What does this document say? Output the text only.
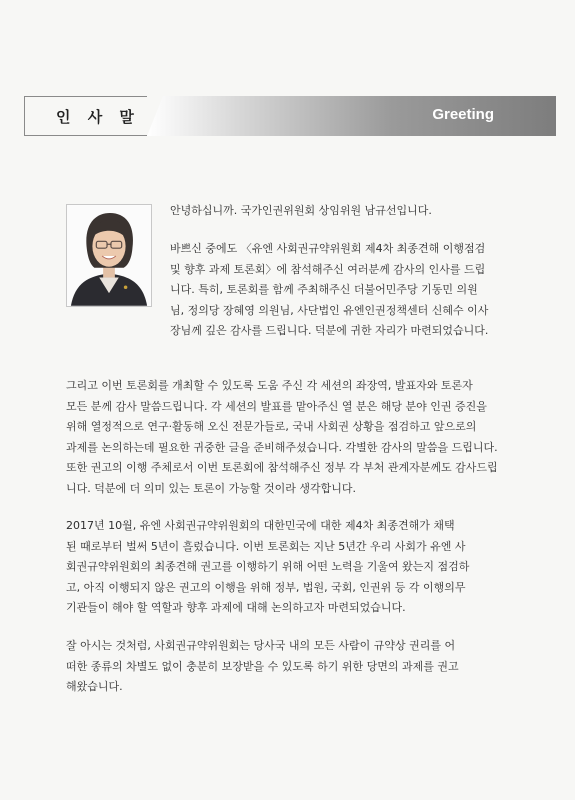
인 사 말	Greeting

안녕하십니까. 국가인권위원회 상임위원 남규선입니다.

바쁘신 중에도 〈유엔 사회권규약위원회 제4차 최종견해 이행점검
및 향후 과제 토론회〉에 참석해주신 여러분께 감사의 인사를 드립
니다. 특히, 토론회를 함께 주최해주신 더불어민주당 기동민 의원
님, 정의당 장혜영 의원님, 사단법인 유엔인권정책센터 신혜수 이사
장님께 깊은 감사를 드립니다. 덕분에 귀한 자리가 마련되었습니다.
그리고 이번 토론회를 개최할 수 있도록 도움 주신 각 세션의 좌장역, 발표자와 토론자
모든 분께 감사 말씀드립니다. 각 세션의 발표를 맡아주신 열 분은 해당 분야 인권 증진을
위해 열정적으로 연구·활동해 오신 전문가들로, 국내 사회권 상황을 점검하고 앞으로의
과제를 논의하는데 필요한 귀중한 글을 준비해주셨습니다. 각별한 감사의 말씀을 드립니다.
또한 권고의 이행 주체로서 이번 토론회에 참석해주신 정부 각 부처 관계자분께도 감사드립
니다. 덕분에 더 의미 있는 토론이 가능할 것이라 생각합니다.
2017년 10월, 유엔 사회권규약위원회의 대한민국에 대한 제4차 최종견해가 채택
된 때로부터 벌써 5년이 흘렀습니다. 이번 토론회는 지난 5년간 우리 사회가 유엔 사
회권규약위원회의 최종견해 권고를 이행하기 위해 어떤 노력을 기울여 왔는지 점검하
고, 아직 이행되지 않은 권고의 이행을 위해 정부, 법원, 국회, 인권위 등 각 이행의무
기관들이 해야 할 역할과 향후 과제에 대해 논의하고자 마련되었습니다.
잘 아시는 것처럼, 사회권규약위원회는 당사국 내의 모든 사람이 규약상 권리를 어
떠한 종류의 차별도 없이 충분히 보장받을 수 있도록 하기 위한 당면의 과제를 권고
해왔습니다.
